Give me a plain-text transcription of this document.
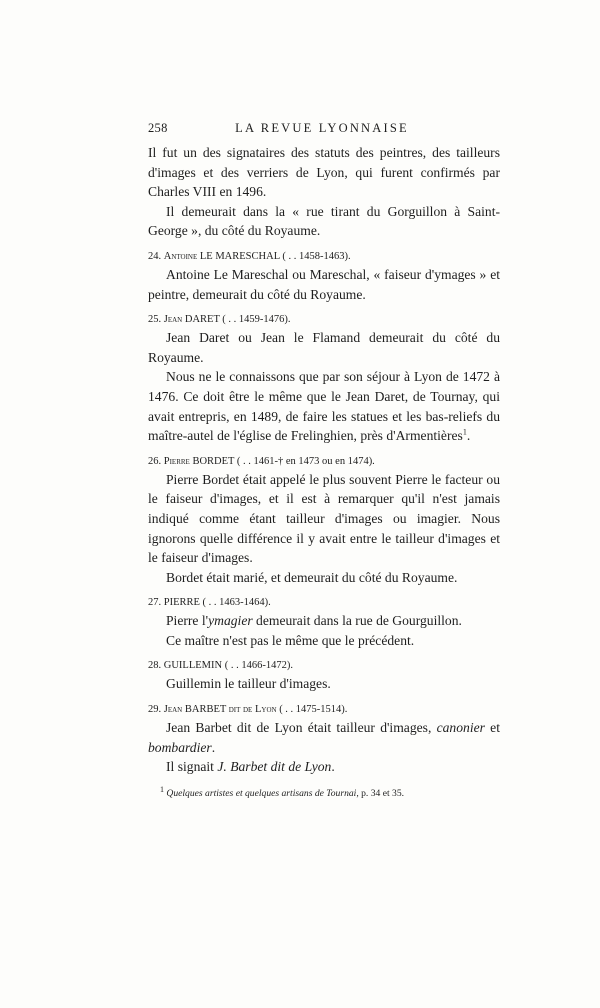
258	LA REVUE LYONNAISE

Il fut un des signataires des statuts des peintres, des tailleurs d'images et des verriers de Lyon, qui furent confirmés par Charles VIII en 1496.

Il demeurait dans la « rue tirant du Gorguillon à Saint-George », du côté du Royaume.

24. Antoine LE MARESCHAL ( . . 1458-1463).

Antoine Le Mareschal ou Mareschal, « faiseur d'ymages » et peintre, demeurait du côté du Royaume.

25. Jean DARET ( . . 1459-1476).

Jean Daret ou Jean le Flamand demeurait du côté du Royaume.

Nous ne le connaissons que par son séjour à Lyon de 1472 à 1476. Ce doit être le même que le Jean Daret, de Tournay, qui avait entrepris, en 1489, de faire les statues et les bas-reliefs du maître-autel de l'église de Frelinghien, près d'Armentières$^1$.

26. Pierre BORDET ( . . 1461-† en 1473 ou en 1474).

Pierre Bordet était appelé le plus souvent Pierre le facteur ou le faiseur d'images, et il est à remarquer qu'il n'est jamais indiqué comme étant tailleur d'images ou imagier. Nous ignorons quelle différence il y avait entre le tailleur d'images et le faiseur d'images.

Bordet était marié, et demeurait du côté du Royaume.

27. PIERRE ( . . 1463-1464).

Pierre l'ymagier demeurait dans la rue de Gourguillon.

Ce maître n'est pas le même que le précédent.

28. GUILLEMIN ( . . 1466-1472).

Guillemin le tailleur d'images.

29. Jean BARBET dit de Lyon ( . . 1475-1514).

Jean Barbet dit de Lyon était tailleur d'images, canonier et bombardier.

Il signait J. Barbet dit de Lyon.

$^1$ Quelques artistes et quelques artisans de Tournai, p. 34 et 35.
